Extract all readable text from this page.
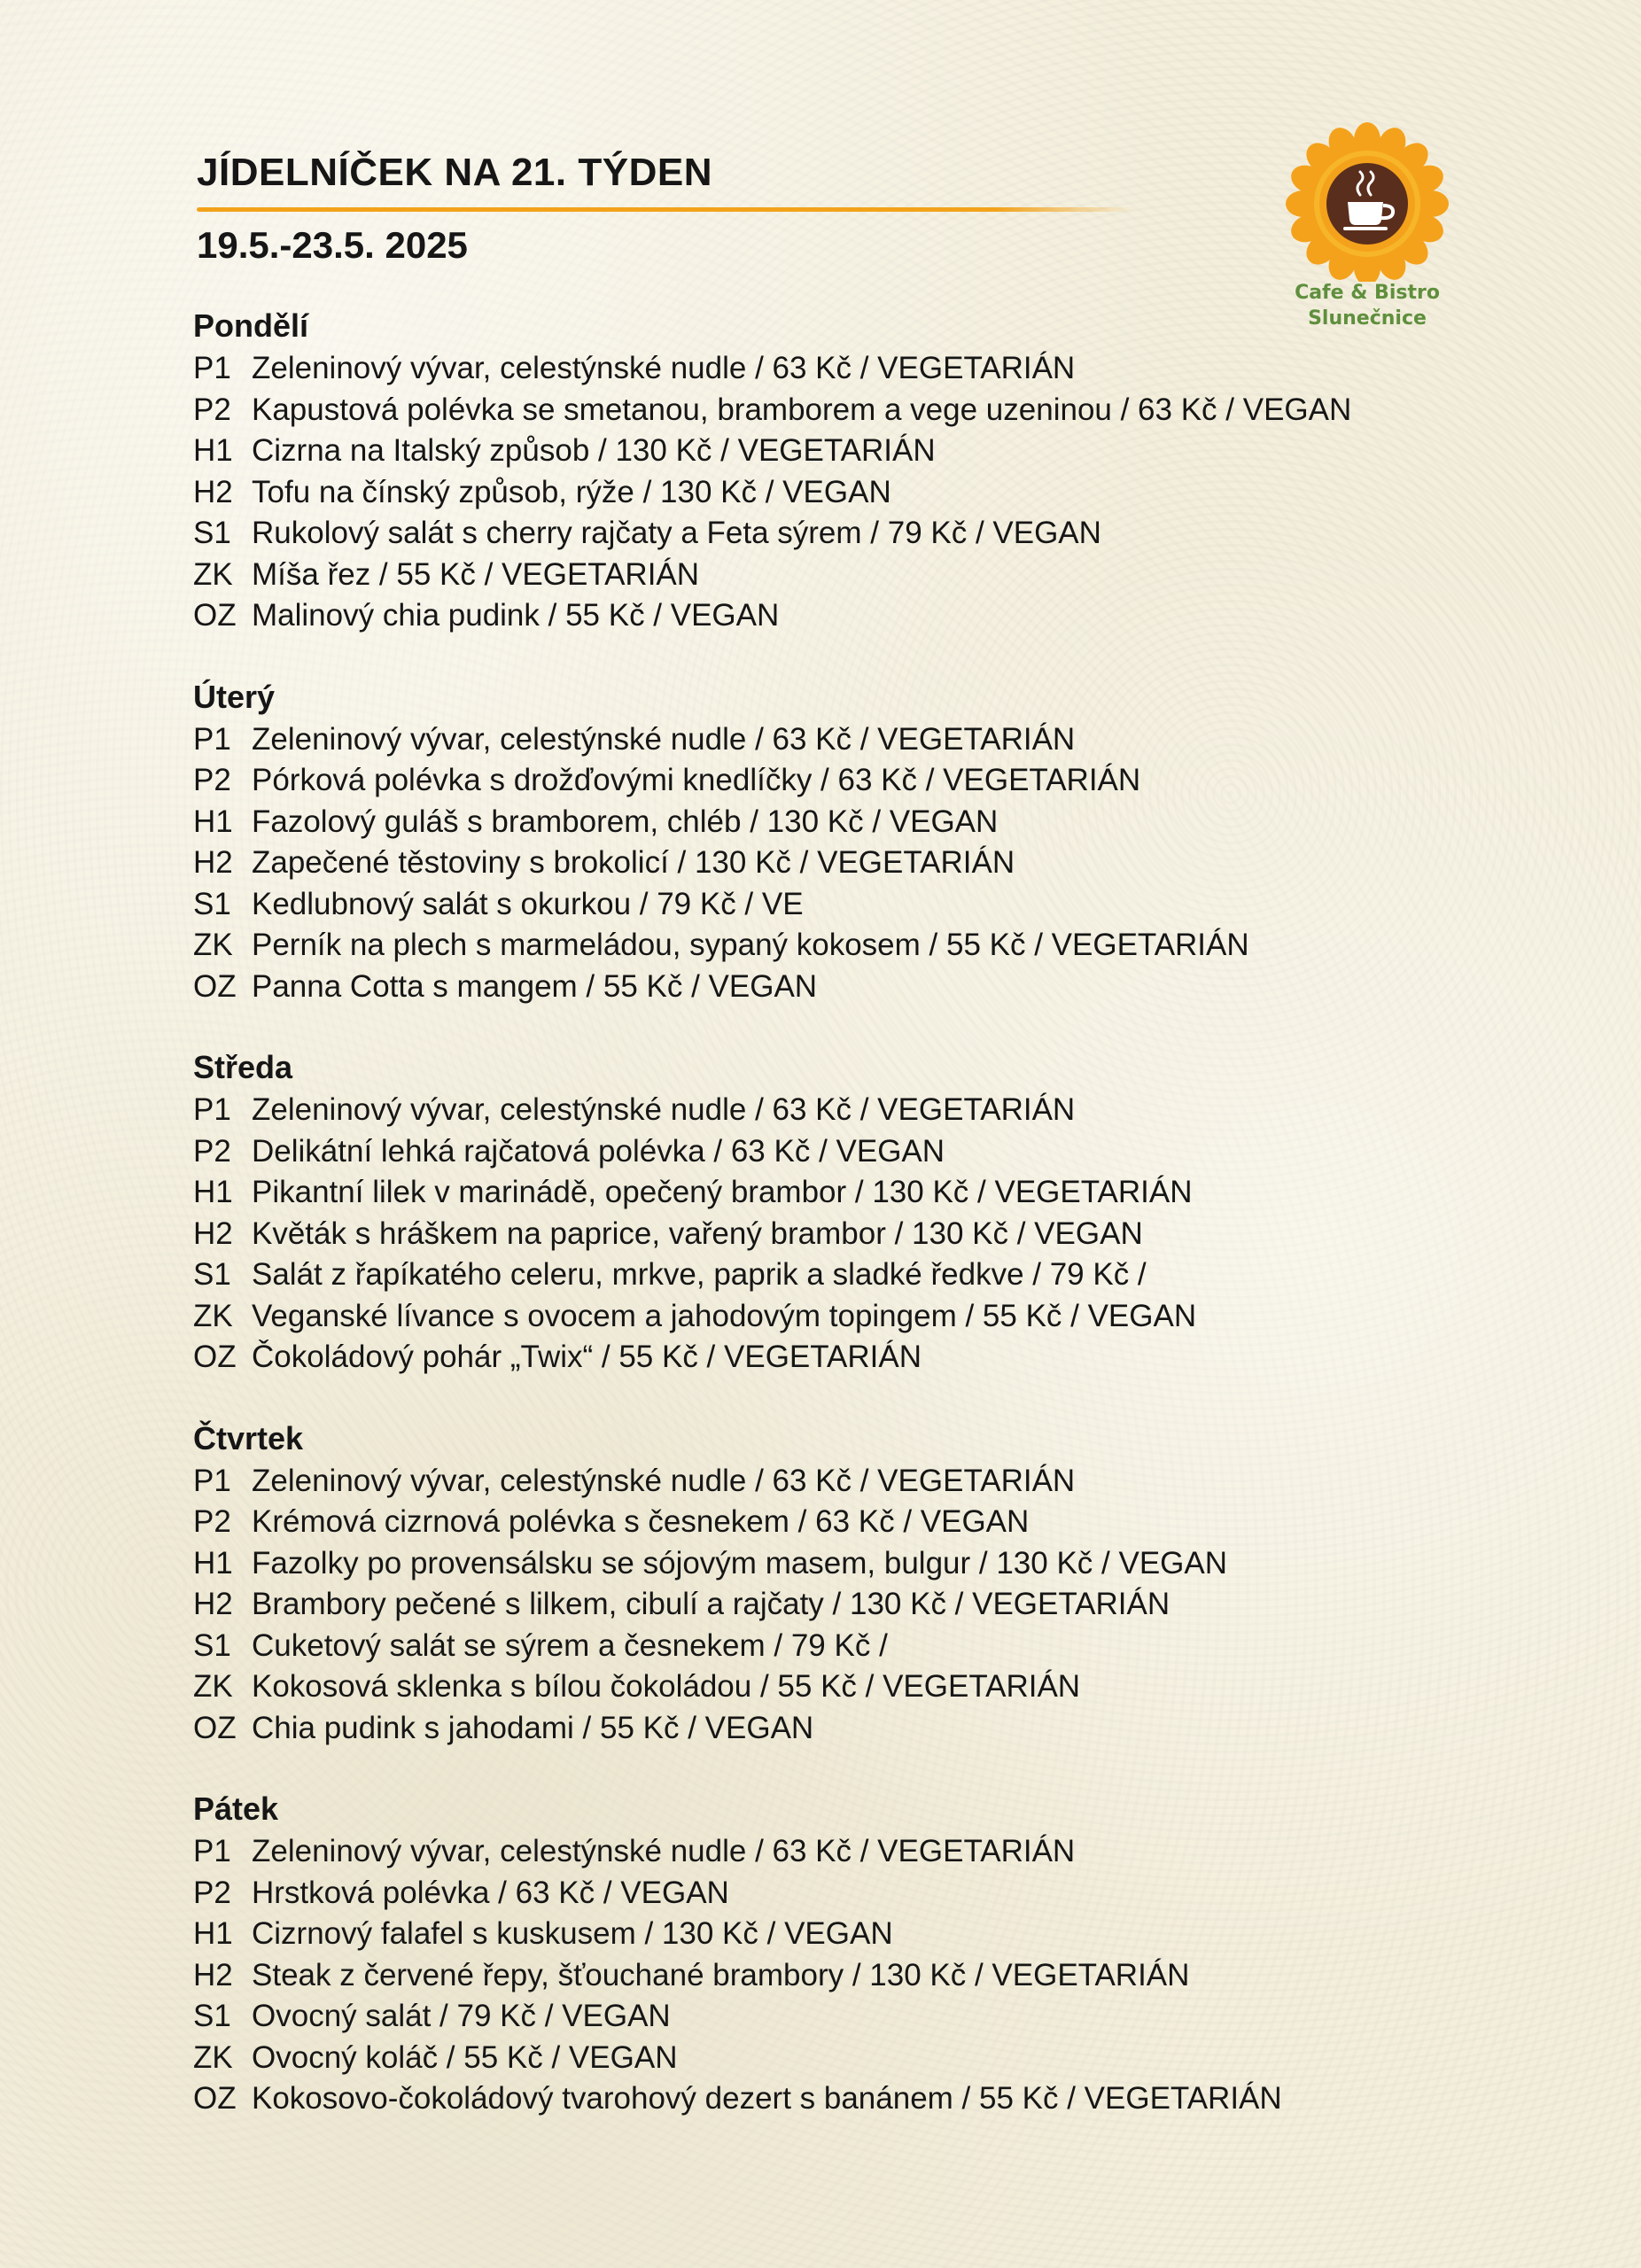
JÍDELNÍČEK NA 21. TÝDEN
19.5.-23.5. 2025
Cafe & Bistro
Slunečnice
Pondělí
P1 Zeleninový vývar, celestýnské nudle / 63 Kč / VEGETARIÁN
P2 Kapustová polévka se smetanou, bramborem a vege uzeninou / 63 Kč / VEGAN
H1 Cizrna na Italský způsob / 130 Kč / VEGETARIÁN
H2 Tofu na čínský způsob, rýže / 130 Kč / VEGAN
S1 Rukolový salát s cherry rajčaty a Feta sýrem / 79 Kč / VEGAN
ZK Míša řez / 55 Kč / VEGETARIÁN
OZ Malinový chia pudink / 55 Kč / VEGAN
Úterý
P1 Zeleninový vývar, celestýnské nudle / 63 Kč / VEGETARIÁN
P2 Pórková polévka s drožďovými knedlíčky / 63 Kč / VEGETARIÁN
H1 Fazolový guláš s bramborem, chléb / 130 Kč / VEGAN
H2 Zapečené těstoviny s brokolicí / 130 Kč / VEGETARIÁN
S1 Kedlubnový salát s okurkou / 79 Kč / VE
ZK Perník na plech s marmeládou, sypaný kokosem / 55 Kč / VEGETARIÁN
OZ Panna Cotta s mangem / 55 Kč / VEGAN
Středa
P1 Zeleninový vývar, celestýnské nudle / 63 Kč / VEGETARIÁN
P2 Delikátní lehká rajčatová polévka / 63 Kč / VEGAN
H1 Pikantní lilek v marinádě, opečený brambor / 130 Kč / VEGETARIÁN
H2 Květák s hráškem na paprice, vařený brambor / 130 Kč / VEGAN
S1 Salát z řapíkatého celeru, mrkve, paprik a sladké ředkve / 79 Kč /
ZK Veganské lívance s ovocem a jahodovým topingem / 55 Kč / VEGAN
OZ Čokoládový pohár „Twix“ / 55 Kč / VEGETARIÁN
Čtvrtek
P1 Zeleninový vývar, celestýnské nudle / 63 Kč / VEGETARIÁN
P2 Krémová cizrnová polévka s česnekem / 63 Kč / VEGAN
H1 Fazolky po provensálsku se sójovým masem, bulgur / 130 Kč / VEGAN
H2 Brambory pečené s lilkem, cibulí a rajčaty / 130 Kč / VEGETARIÁN
S1 Cuketový salát se sýrem a česnekem / 79 Kč /
ZK Kokosová sklenka s bílou čokoládou / 55 Kč / VEGETARIÁN
OZ Chia pudink s jahodami / 55 Kč / VEGAN
Pátek
P1 Zeleninový vývar, celestýnské nudle / 63 Kč / VEGETARIÁN
P2 Hrstková polévka / 63 Kč / VEGAN
H1 Cizrnový falafel s kuskusem / 130 Kč / VEGAN
H2 Steak z červené řepy, šťouchané brambory / 130 Kč / VEGETARIÁN
S1 Ovocný salát / 79 Kč / VEGAN
ZK Ovocný koláč / 55 Kč / VEGAN
OZ Kokosovo-čokoládový tvarohový dezert s banánem / 55 Kč / VEGETARIÁN
